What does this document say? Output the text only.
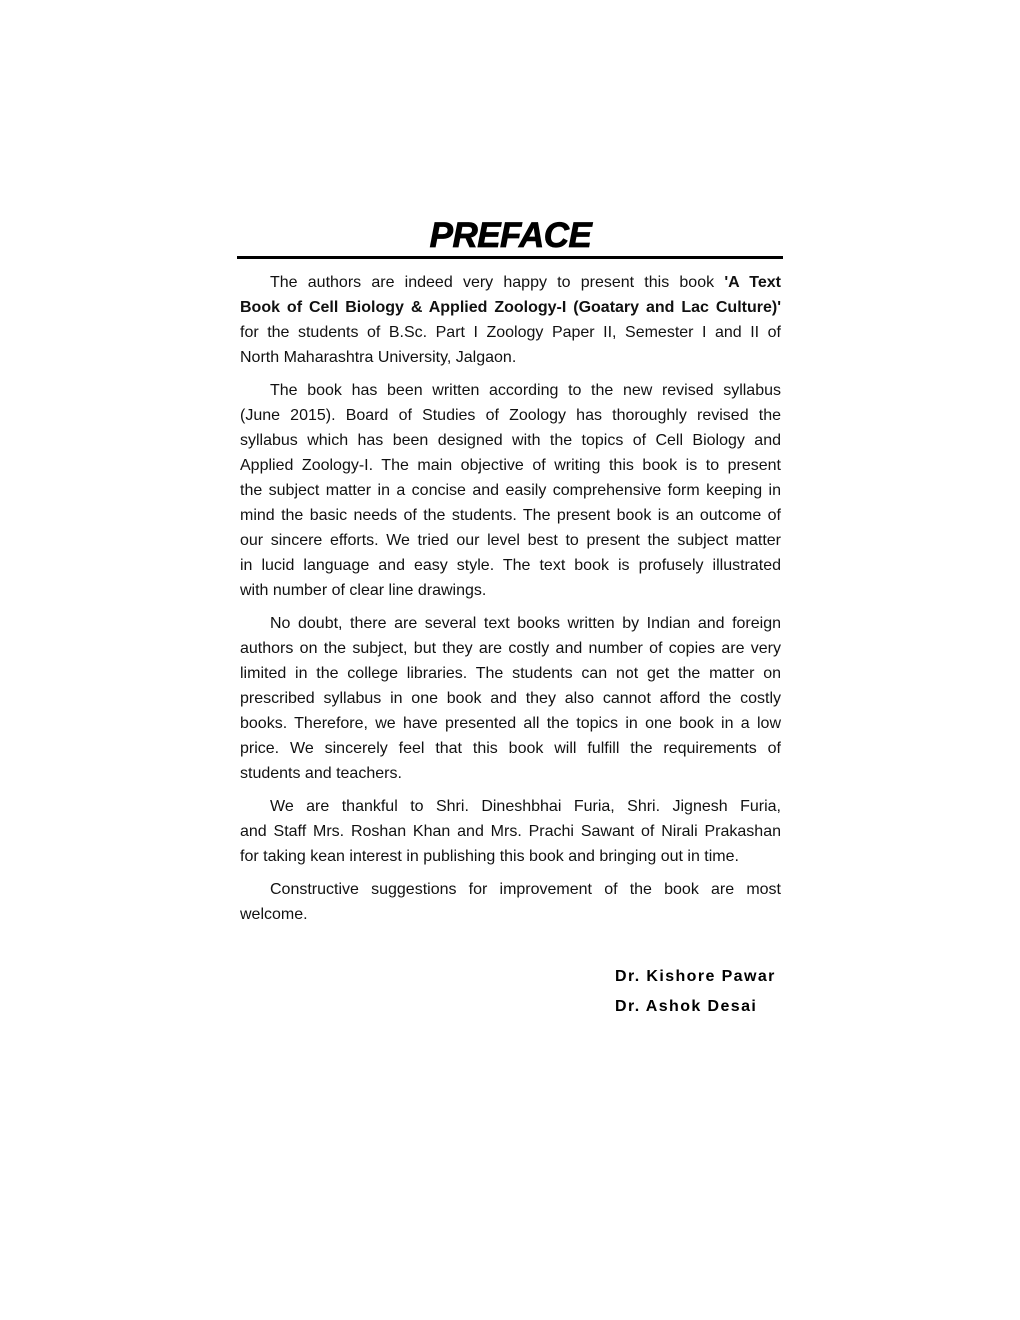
PREFACE
The authors are indeed very happy to present this book 'A Text
Book of Cell Biology & Applied Zoology-I (Goatary and Lac Culture)'
for the students of B.Sc. Part I Zoology Paper II, Semester I and II of
North Maharashtra University, Jalgaon.
The book has been written according to the new revised syllabus
(June 2015). Board of Studies of Zoology has thoroughly revised the
syllabus which has been designed with the topics of Cell Biology and
Applied Zoology-I. The main objective of writing this book is to present
the subject matter in a concise and easily comprehensive form keeping in
mind the basic needs of the students. The present book is an outcome of
our sincere efforts. We tried our level best to present the subject matter
in lucid language and easy style. The text book is profusely illustrated
with number of clear line drawings.
No doubt, there are several text books written by Indian and foreign
authors on the subject, but they are costly and number of copies are very
limited in the college libraries. The students can not get the matter on
prescribed syllabus in one book and they also cannot afford the costly
books. Therefore, we have presented all the topics in one book in a low
price. We sincerely feel that this book will fulfill the requirements of
students and teachers.
We are thankful to Shri. Dineshbhai Furia, Shri. Jignesh Furia,
and Staff Mrs. Roshan Khan and Mrs. Prachi Sawant of Nirali Prakashan
for taking kean interest in publishing this book and bringing out in time.
Constructive suggestions for improvement of the book are most
welcome.
Dr. Kishore Pawar
Dr. Ashok Desai
